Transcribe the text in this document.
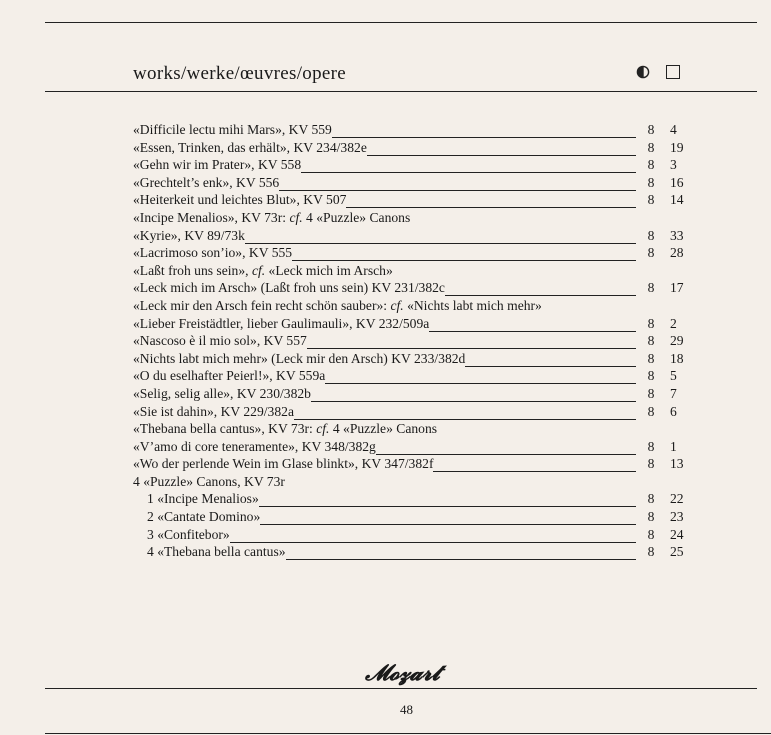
works/werke/œuvres/opere
«Difficile lectu mihi Mars», KV 559	8 4
«Essen, Trinken, das erhält», KV 234/382e	8 19
«Gehn wir im Prater», KV 558	8 3
«Grechtelt’s enk», KV 556	8 16
«Heiterkeit und leichtes Blut», KV 507	8 14
«Incipe Menalios», KV 73r: cf. 4 «Puzzle» Canons
«Kyrie», KV 89/73k	8 33
«Lacrimoso son’io», KV 555	8 28
«Laßt froh uns sein», cf. «Leck mich im Arsch»
«Leck mich im Arsch» (Laßt froh uns sein) KV 231/382c	8 17
«Leck mir den Arsch fein recht schön sauber»: cf. «Nichts labt mich mehr»
«Lieber Freistädtler, lieber Gaulimauli», KV 232/509a	8 2
«Nascoso è il mio sol», KV 557	8 29
«Nichts labt mich mehr» (Leck mir den Arsch) KV 233/382d	8 18
«O du eselhafter Peierl!», KV 559a	8 5
«Selig, selig alle», KV 230/382b	8 7
«Sie ist dahin», KV 229/382a	8 6
«Thebana bella cantus», KV 73r: cf. 4 «Puzzle» Canons
«V’amo di core teneramente», KV 348/382g	8 1
«Wo der perlende Wein im Glase blinkt», KV 347/382f	8 13
4 «Puzzle» Canons, KV 73r
1 «Incipe Menalios»	8 22
2 «Cantate Domino»	8 23
3 «Confitebor»	8 24
4 «Thebana bella cantus»	8 25
𝓜𝓸𝔃𝓪𝓻𝓽
48
